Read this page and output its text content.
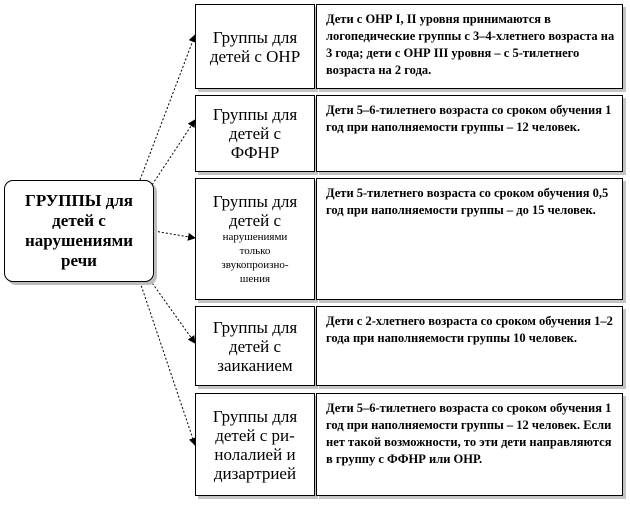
ГРУППЫ для
детей с
нарушениями
речи
Группы для
детей с ОНР
Дети с ОНР I, II уровня принимаются в логопедические группы с 3–4-хлетнего возраста на 3 года; дети с ОНР III уровня – с 5-тилетнего возраста на 2 года.
Группы для
детей с
ФФНР
Дети 5–6-тилетнего возраста со сроком обучения 1 год при наполняемости группы – 12 человек.
Группы для
детей с
нарушениями
только
звукопроизно-
шения
Дети 5-тилетнего возраста со сроком обучения 0,5 год при наполняемости группы – до 15 человек.
Группы для
детей с
заиканием
Дети с 2-хлетнего возраста со сроком обучения 1–2 года при наполняемости группы 10 человек.
Группы для
детей с ри-
нолалией и
дизартрией
Дети 5–6-тилетнего возраста со сроком обучения 1 год при наполняемости группы – 12 человек. Если нет такой возможности, то эти дети направляются в группу с ФФНР или ОНР.
